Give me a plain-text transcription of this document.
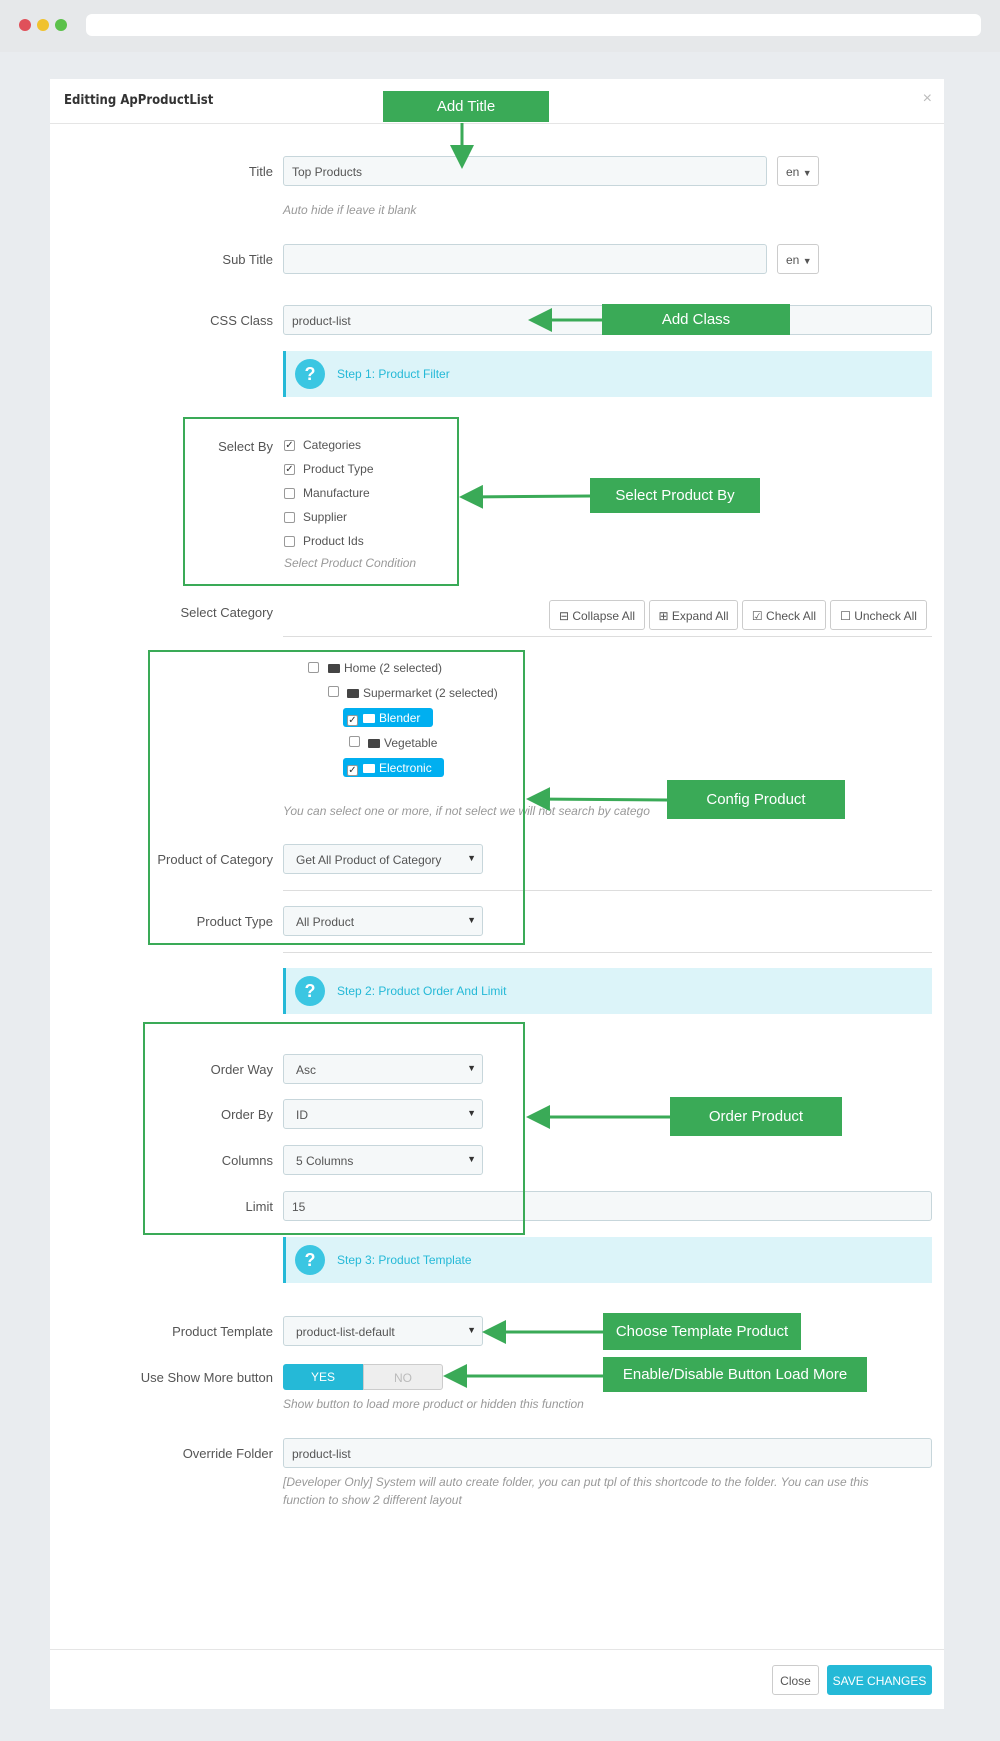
Editting ApProductList	×
Title	Top Products	en ▼
Auto hide if leave it blank
Sub Title	en ▼
CSS Class	product-list
?	Step 1: Product Filter
Select By ✓ Categories
✓ Product Type
Manufacture
Supplier
Product Ids
Select Product Condition
Select Category	⊟ Collapse All	⊞ Expand All	☑ Check All	☐ Uncheck All
Home (2 selected)
Supermarket (2 selected)
✓ Blender
Vegetable
✓ Electronic
You can select one or more, if not select we will not search by catego
Product of Category	Get All Product of Category	▼
Product Type	All Product	▼
?	Step 2: Product Order And Limit
Order Way	Asc	▼
Order By	ID	▼
Columns	5 Columns	▼
Limit	15
?	Step 3: Product Template
Product Template	product-list-default	▼
Use Show More button	YES	NO
Show button to load more product or hidden this function
Override Folder	product-list
[Developer Only] System will auto create folder, you can put tpl of this shortcode to the folder. You can use this
function to show 2 different layout
Close	SAVE CHANGES
Add Title
Add Class
Select Product By
Config Product
Order Product
Choose Template Product
Enable/Disable Button Load More
